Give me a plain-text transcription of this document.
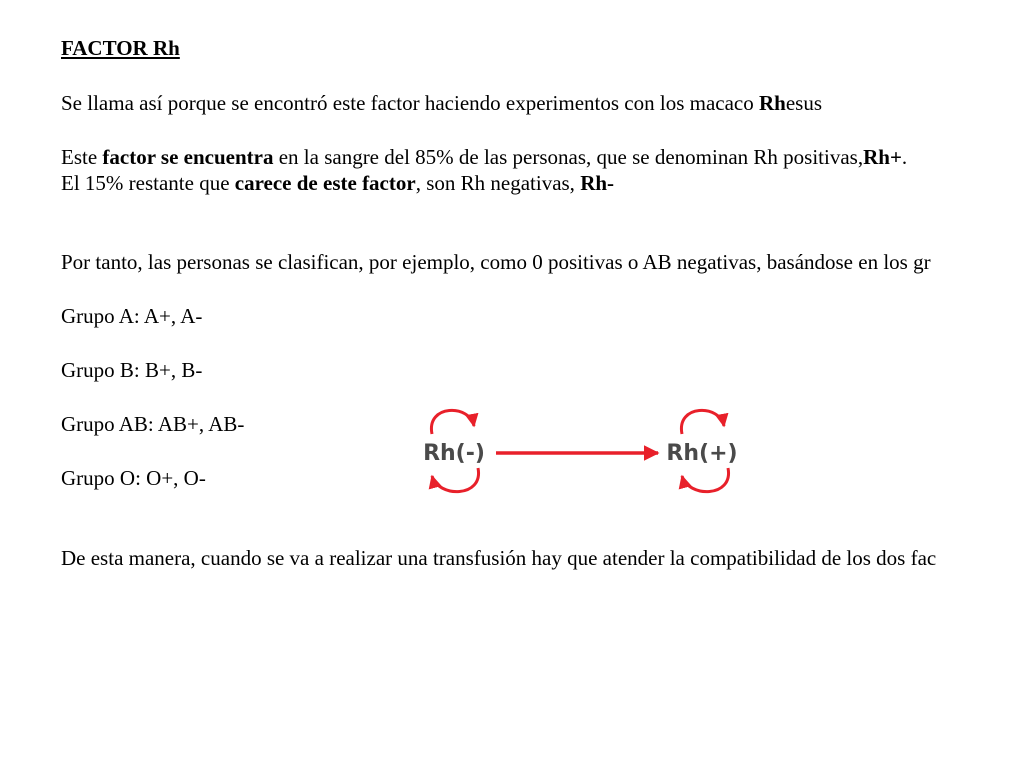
FACTOR Rh
Se llama así porque se encontró este factor haciendo experimentos con los macaco Rhesus
Este factor se encuentra en la sangre del 85% de las personas, que se denominan Rh positivas,Rh+.
El 15% restante que carece de este factor, son Rh negativas, Rh-
Por tanto, las personas se clasifican, por ejemplo, como 0 positivas o AB negativas, basándose en los gr
Grupo A: A+, A-
Grupo B: B+, B-
Grupo AB: AB+, AB-
Grupo O: O+, O-
De esta manera, cuando se va a realizar una transfusión hay que atender la compatibilidad de los dos fac
Rh(-)	Rh(+)
